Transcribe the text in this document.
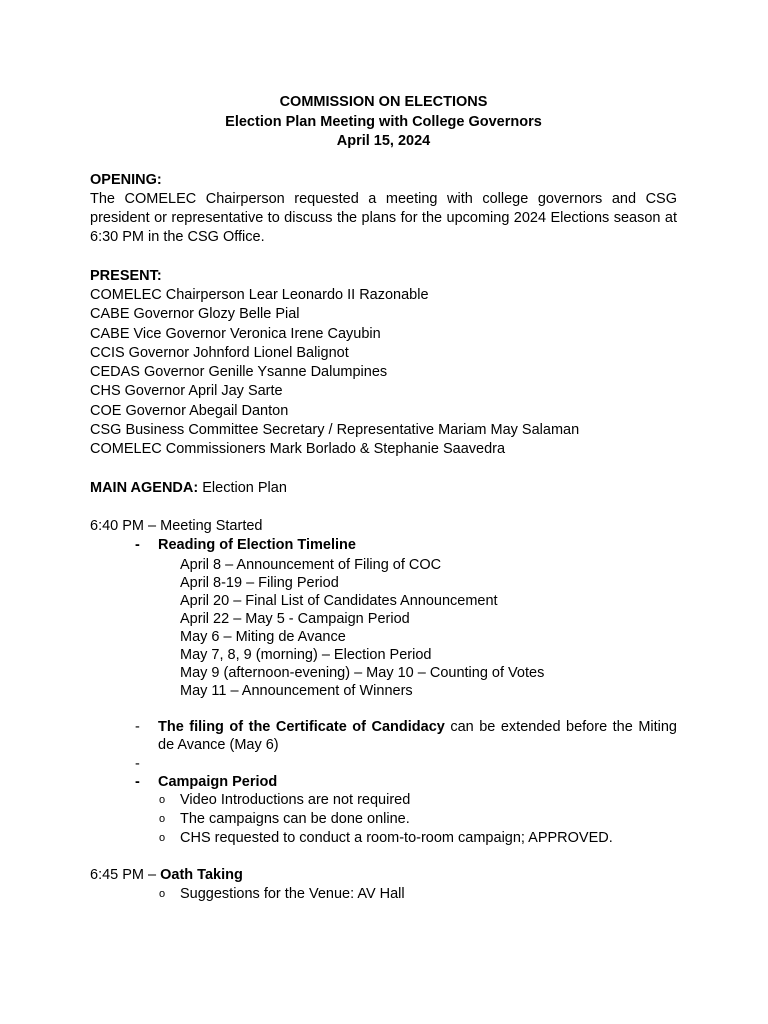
COMMISSION ON ELECTIONS
Election Plan Meeting with College Governors
April 15, 2024
OPENING:
The COMELEC Chairperson requested a meeting with college governors and CSG president or representative to discuss the plans for the upcoming 2024 Elections season at 6:30 PM in the CSG Office.
PRESENT:
COMELEC Chairperson Lear Leonardo II Razonable
CABE Governor Glozy Belle Pial
CABE Vice Governor Veronica Irene Cayubin
CCIS Governor Johnford Lionel Balignot
CEDAS Governor Genille Ysanne Dalumpines
CHS Governor April Jay Sarte
COE Governor Abegail Danton
CSG Business Committee Secretary / Representative Mariam May Salaman
COMELEC Commissioners Mark Borlado & Stephanie Saavedra
MAIN AGENDA: Election Plan
6:40 PM – Meeting Started
- Reading of Election Timeline
April 8 – Announcement of Filing of COC
April 8-19 – Filing Period
April 20 – Final List of Candidates Announcement
April 22 – May 5 - Campaign Period
May 6 – Miting de Avance
May 7, 8, 9 (morning) – Election Period
May 9 (afternoon-evening) – May 10 – Counting of Votes
May 11 – Announcement of Winners
- The filing of the Certificate of Candidacy can be extended before the Miting de Avance (May 6)
-
- Campaign Period
o Video Introductions are not required
o The campaigns can be done online.
o CHS requested to conduct a room-to-room campaign; APPROVED.
6:45 PM – Oath Taking
o Suggestions for the Venue: AV Hall
